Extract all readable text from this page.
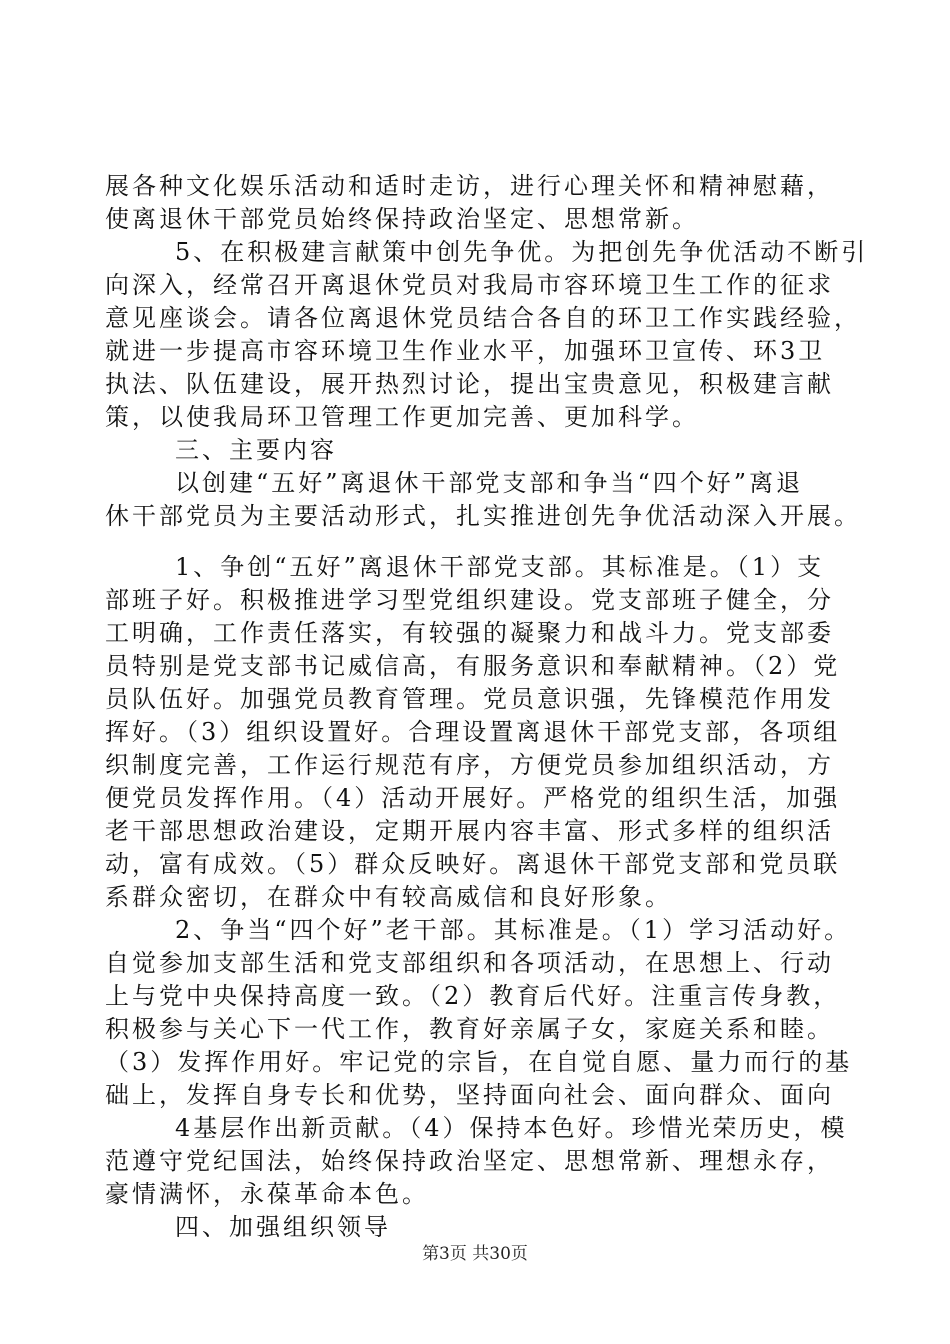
展各种文化娱乐活动和适时走访，进行心理关怀和精神慰藉，
使离退休干部党员始终保持政治坚定、思想常新。
5、在积极建言献策中创先争优。为把创先争优活动不断引
向深入，经常召开离退休党员对我局市容环境卫生工作的征求
意见座谈会。请各位离退休党员结合各自的环卫工作实践经验，
就进一步提高市容环境卫生作业水平，加强环卫宣传、环3卫
执法、队伍建设，展开热烈讨论，提出宝贵意见，积极建言献
策，以使我局环卫管理工作更加完善、更加科学。
三、主要内容
以创建“五好”离退休干部党支部和争当“四个好”离退
休干部党员为主要活动形式，扎实推进创先争优活动深入开展。
1、争创“五好”离退休干部党支部。其标准是。（1）支
部班子好。积极推进学习型党组织建设。党支部班子健全，分
工明确，工作责任落实，有较强的凝聚力和战斗力。党支部委
员特别是党支部书记威信高，有服务意识和奉献精神。（2）党
员队伍好。加强党员教育管理。党员意识强，先锋模范作用发
挥好。（3）组织设置好。合理设置离退休干部党支部，各项组
织制度完善，工作运行规范有序，方便党员参加组织活动，方
便党员发挥作用。（4）活动开展好。严格党的组织生活，加强
老干部思想政治建设，定期开展内容丰富、形式多样的组织活
动，富有成效。（5）群众反映好。离退休干部党支部和党员联
系群众密切，在群众中有较高威信和良好形象。
2、争当“四个好”老干部。其标准是。（1）学习活动好。
自觉参加支部生活和党支部组织和各项活动，在思想上、行动
上与党中央保持高度一致。（2）教育后代好。注重言传身教，
积极参与关心下一代工作，教育好亲属子女，家庭关系和睦。
（3）发挥作用好。牢记党的宗旨，在自觉自愿、量力而行的基
础上，发挥自身专长和优势，坚持面向社会、面向群众、面向
4基层作出新贡献。（4）保持本色好。珍惜光荣历史，模
范遵守党纪国法，始终保持政治坚定、思想常新、理想永存，
豪情满怀，永葆革命本色。
四、加强组织领导
第3页 共30页
